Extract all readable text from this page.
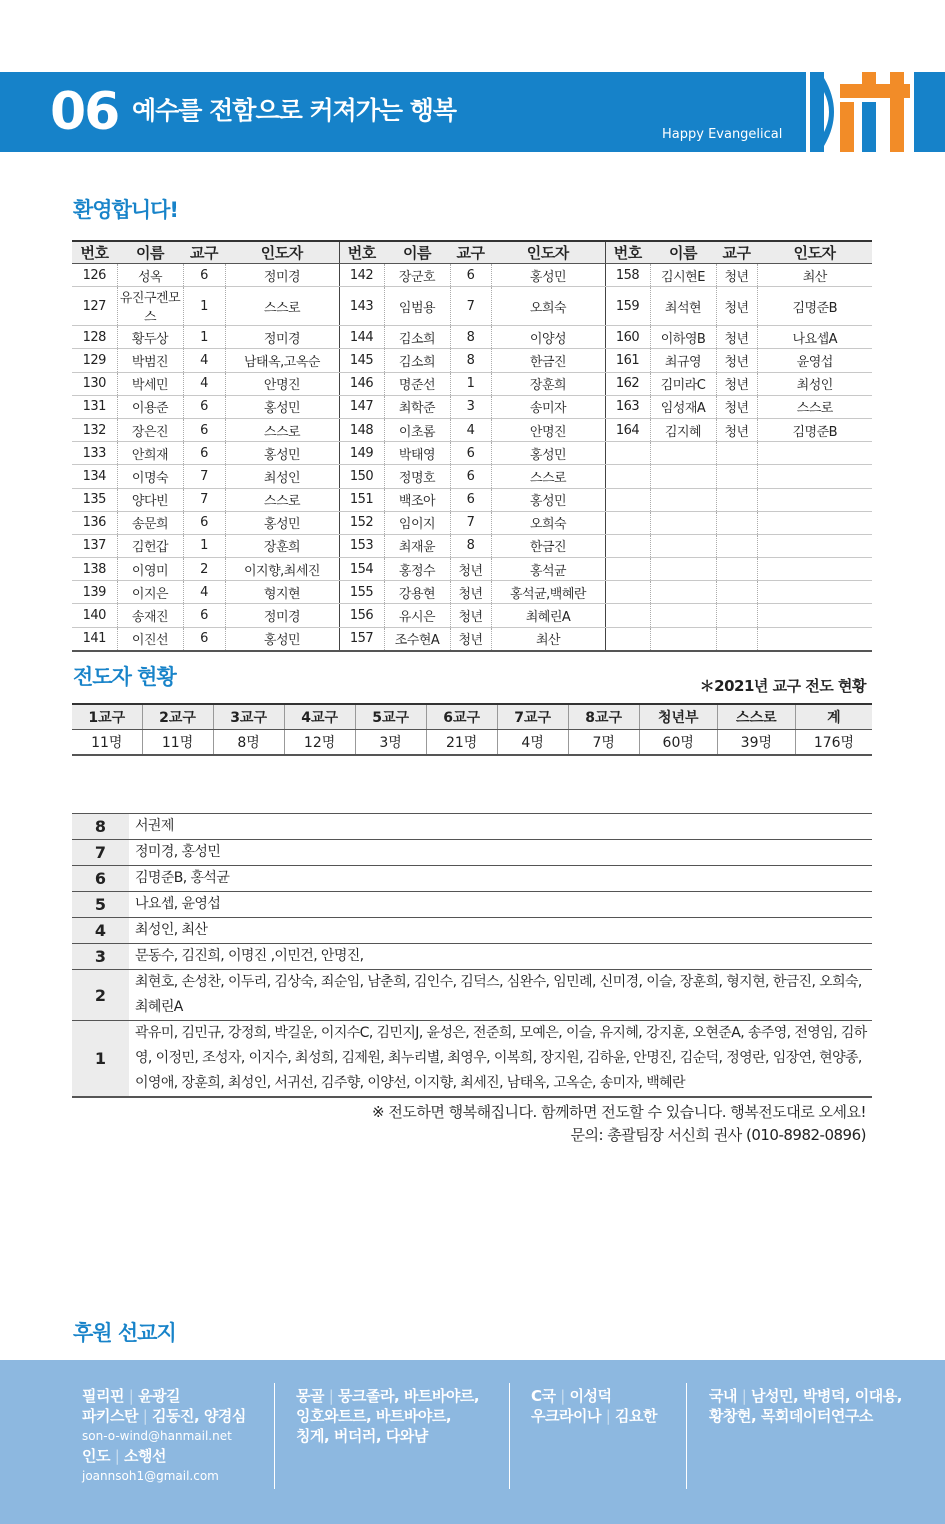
06 예수를 전함으로 커져가는 행복
Happy Evangelical
환영합니다!
번호	이름	교구	인도자	번호	이름	교구	인도자	번호	이름	교구	인도자
126	성옥	6	정미경	142	장군호	6	홍성민	158	김시현E	청년	최산
127	유진구겐모스	1	스스로	143	임범용	7	오희숙	159	최석현	청년	김명준B
128	황두상	1	정미경	144	김소희	8	이양성	160	이하영B	청년	나요셉A
129	박범진	4	남태옥,고옥순	145	김소희	8	한금진	161	최규영	청년	윤영섭
130	박세민	4	안명진	146	명준선	1	장훈희	162	김미라C	청년	최성인
131	이용준	6	홍성민	147	최학준	3	송미자	163	임성재A	청년	스스로
132	장은진	6	스스로	148	이초롬	4	안명진	164	김지혜	청년	김명준B
133	안희재	6	홍성민	149	박태영	6	홍성민				
134	이명숙	7	최성인	150	정명호	6	스스로				
135	양다빈	7	스스로	151	백조아	6	홍성민				
136	송문희	6	홍성민	152	임이지	7	오희숙				
137	김헌갑	1	장훈희	153	최재윤	8	한금진				
138	이영미	2	이지향,최세진	154	홍정수	청년	홍석균				
139	이지은	4	형지현	155	강용현	청년	홍석균,백혜란				
140	송재진	6	정미경	156	유시은	청년	최혜린A				
141	이진선	6	홍성민	157	조수현A	청년	최산				
전도자 현황	＊2021년 교구 전도 현황
1교구	2교구	3교구	4교구	5교구	6교구	7교구	8교구	청년부	스스로	계
11명	11명	8명	12명	3명	21명	4명	7명	60명	39명	176명
8	서권제
7	정미경, 홍성민
6	김명준B, 홍석균
5	나요셉, 윤영섭
4	최성인, 최산
3	문동수, 김진희, 이명진 ,이민건, 안명진,
2	최현호, 손성찬, 이두리, 김상숙, 죄순임, 남춘희, 김인수, 김덕스, 심완수, 임민례, 신미경, 이슬, 장훈희, 형지현, 한금진, 오희숙, 최혜린A
1	곽유미, 김민규, 강정희, 박길운, 이지수C, 김민지J, 윤성은, 전준희, 모예은, 이슬, 유지혜, 강지훈, 오현준A, 송주영, 전영임, 김하영, 이정민, 조성자, 이지수, 최성희, 김제원, 최누리별, 최영우, 이복희, 장지원, 김하윤, 안명진, 김순덕, 정영란, 임장연, 현양종, 이영애, 장훈희, 최성인, 서귀선, 김주향, 이양선, 이지향, 최세진, 남태옥, 고옥순, 송미자, 백혜란
※ 전도하면 행복해집니다. 함께하면 전도할 수 있습니다. 행복전도대로 오세요!
문의: 총괄팀장 서신희 권사 (010-8982-0896)
후원 선교지
필리핀 | 윤광길
파키스탄 | 김동진, 양경심
son-o-wind@hanmail.net
인도 | 소행선
joannsoh1@gmail.com
몽골 | 뭉크졸라, 바트바야르,
잉호와트르, 바트바야르,
칭게, 버더러, 다와냠
C국 | 이성덕
우크라이나 | 김요한
국내 | 남성민, 박병덕, 이대용,
황창현, 목회데이터연구소
